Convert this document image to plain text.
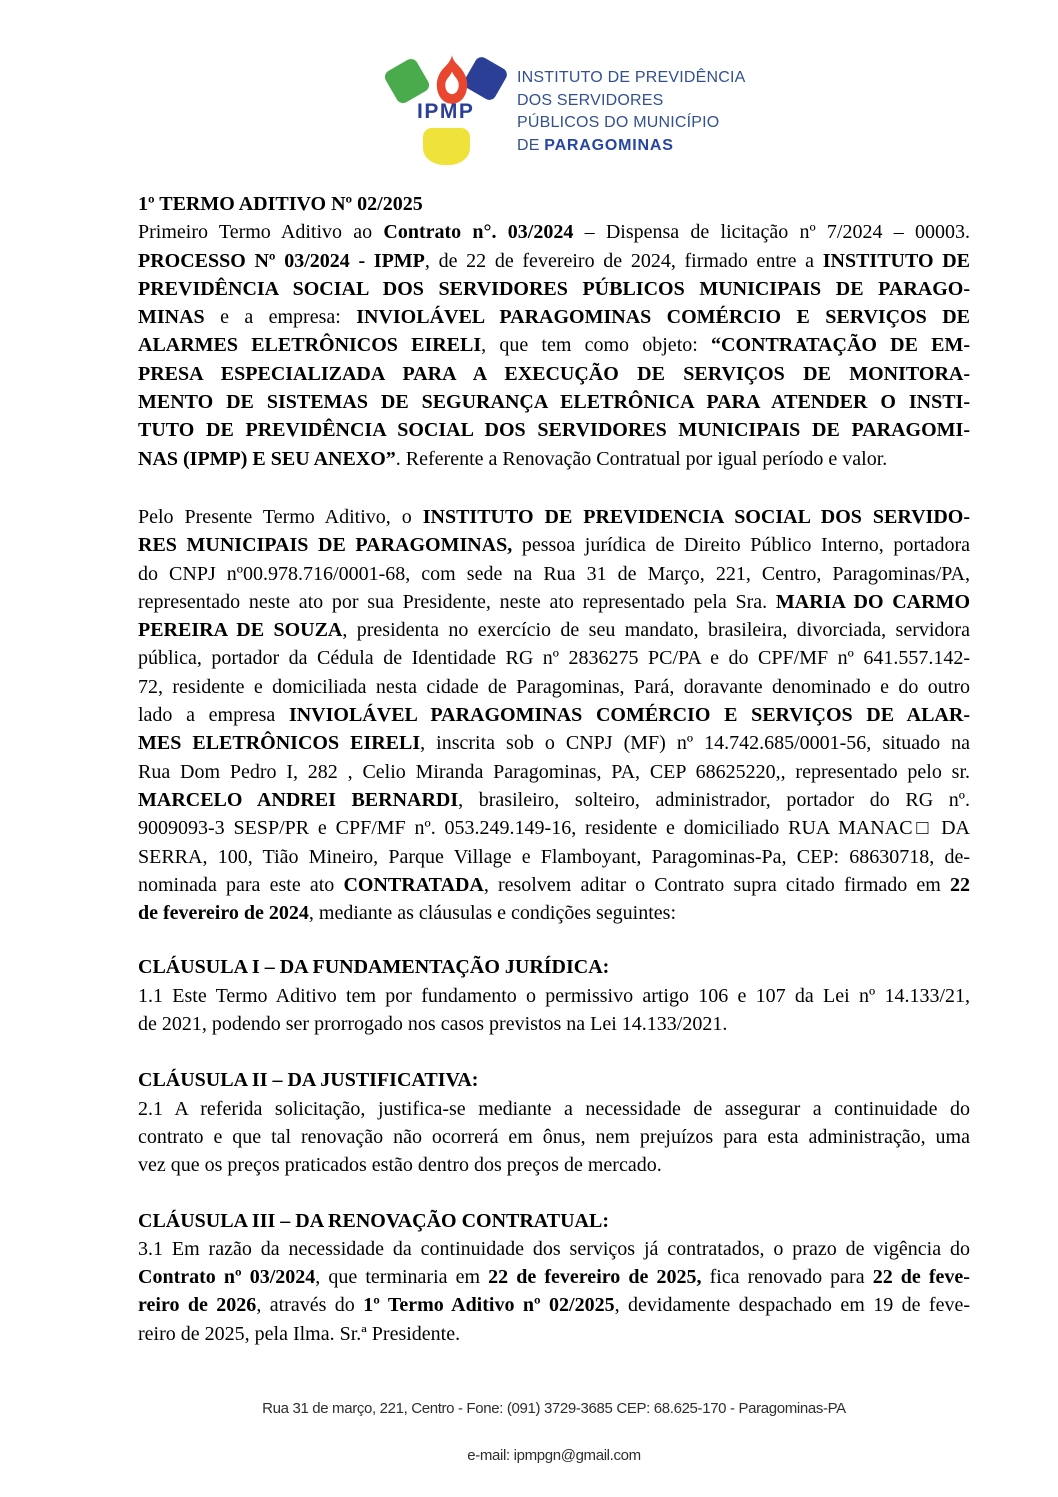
IPMP
INSTITUTO DE PREVIDÊNCIA
DOS SERVIDORES
PÚBLICOS DO MUNICÍPIO
DE PARAGOMINAS
1º TERMO ADITIVO Nº 02/2025
Primeiro Termo Aditivo ao Contrato n°. 03/2024 – Dispensa de licitação nº 7/2024 – 00003.
PROCESSO Nº 03/2024 - IPMP, de 22 de fevereiro de 2024, firmado entre a INSTITUTO DE
PREVIDÊNCIA SOCIAL DOS SERVIDORES PÚBLICOS MUNICIPAIS DE PARAGO-
MINAS e a empresa: INVIOLÁVEL PARAGOMINAS COMÉRCIO E SERVIÇOS DE
ALARMES ELETRÔNICOS EIRELI, que tem como objeto: “CONTRATAÇÃO DE EM-
PRESA ESPECIALIZADA PARA A EXECUÇÃO DE SERVIÇOS DE MONITORA-
MENTO DE SISTEMAS DE SEGURANÇA ELETRÔNICA PARA ATENDER O INSTI-
TUTO DE PREVIDÊNCIA SOCIAL DOS SERVIDORES MUNICIPAIS DE PARAGOMI-
NAS (IPMP) E SEU ANEXO”. Referente a Renovação Contratual por igual período e valor.
Pelo Presente Termo Aditivo, o INSTITUTO DE PREVIDENCIA SOCIAL DOS SERVIDO-
RES MUNICIPAIS DE PARAGOMINAS, pessoa jurídica de Direito Público Interno, portadora
do CNPJ nº00.978.716/0001-68, com sede na Rua 31 de Março, 221, Centro, Paragominas/PA,
representado neste ato por sua Presidente, neste ato representado pela Sra. MARIA DO CARMO
PEREIRA DE SOUZA, presidenta no exercício de seu mandato, brasileira, divorciada, servidora
pública, portador da Cédula de Identidade RG nº 2836275 PC/PA e do CPF/MF nº 641.557.142-
72, residente e domiciliada nesta cidade de Paragominas, Pará, doravante denominado e do outro
lado a empresa INVIOLÁVEL PARAGOMINAS COMÉRCIO E SERVIÇOS DE ALAR-
MES ELETRÔNICOS EIRELI, inscrita sob o CNPJ (MF) nº 14.742.685/0001-56, situado na
Rua Dom Pedro I, 282 , Celio Miranda Paragominas, PA, CEP 68625220,, representado pelo sr.
MARCELO ANDREI BERNARDI, brasileiro, solteiro, administrador, portador do RG nº.
9009093-3 SESP/PR e CPF/MF nº. 053.249.149-16, residente e domiciliado RUA MANAC□ DA
SERRA, 100, Tião Mineiro, Parque Village e Flamboyant, Paragominas-Pa, CEP: 68630718, de-
nominada para este ato CONTRATADA, resolvem aditar o Contrato supra citado firmado em 22
de fevereiro de 2024, mediante as cláusulas e condições seguintes:
CLÁUSULA I – DA FUNDAMENTAÇÃO JURÍDICA:
1.1 Este Termo Aditivo tem por fundamento o permissivo artigo 106 e 107 da Lei nº 14.133/21,
de 2021, podendo ser prorrogado nos casos previstos na Lei 14.133/2021.
CLÁUSULA II – DA JUSTIFICATIVA:
2.1 A referida solicitação, justifica-se mediante a necessidade de assegurar a continuidade do
contrato e que tal renovação não ocorrerá em ônus, nem prejuízos para esta administração, uma
vez que os preços praticados estão dentro dos preços de mercado.
CLÁUSULA III – DA RENOVAÇÃO CONTRATUAL:
3.1 Em razão da necessidade da continuidade dos serviços já contratados, o prazo de vigência do
Contrato nº 03/2024, que terminaria em 22 de fevereiro de 2025, fica renovado para 22 de feve-
reiro de 2026, através do 1º Termo Aditivo nº 02/2025, devidamente despachado em 19 de feve-
reiro de 2025, pela Ilma. Sr.ª Presidente.
Rua 31 de março, 221, Centro - Fone: (091) 3729-3685 CEP: 68.625-170 - Paragominas-PA
e-mail: ipmpgn@gmail.com
